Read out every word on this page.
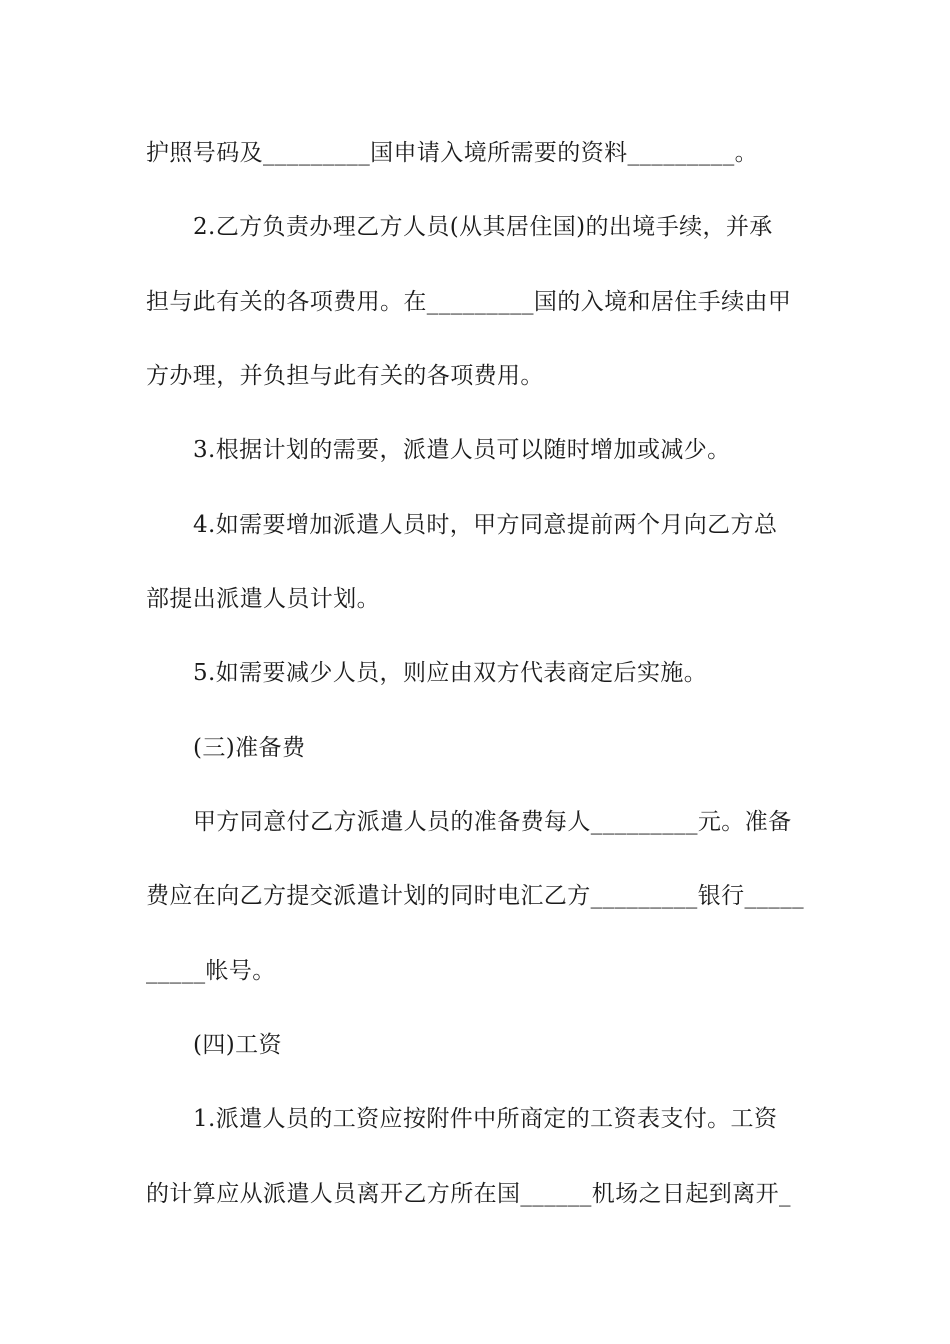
护照号码及_________国申请入境所需要的资料_________。
2.乙方负责办理乙方人员(从其居住国)的出境手续，并承
担与此有关的各项费用。在_________国的入境和居住手续由甲
方办理，并负担与此有关的各项费用。
3.根据计划的需要，派遣人员可以随时增加或减少。
4.如需要增加派遣人员时，甲方同意提前两个月向乙方总
部提出派遣人员计划。
5.如需要减少人员，则应由双方代表商定后实施。
(三)准备费
甲方同意付乙方派遣人员的准备费每人_________元。准备
费应在向乙方提交派遣计划的同时电汇乙方_________银行_____
_____帐号。
(四)工资
1.派遣人员的工资应按附件中所商定的工资表支付。工资
的计算应从派遣人员离开乙方所在国______机场之日起到离开_
